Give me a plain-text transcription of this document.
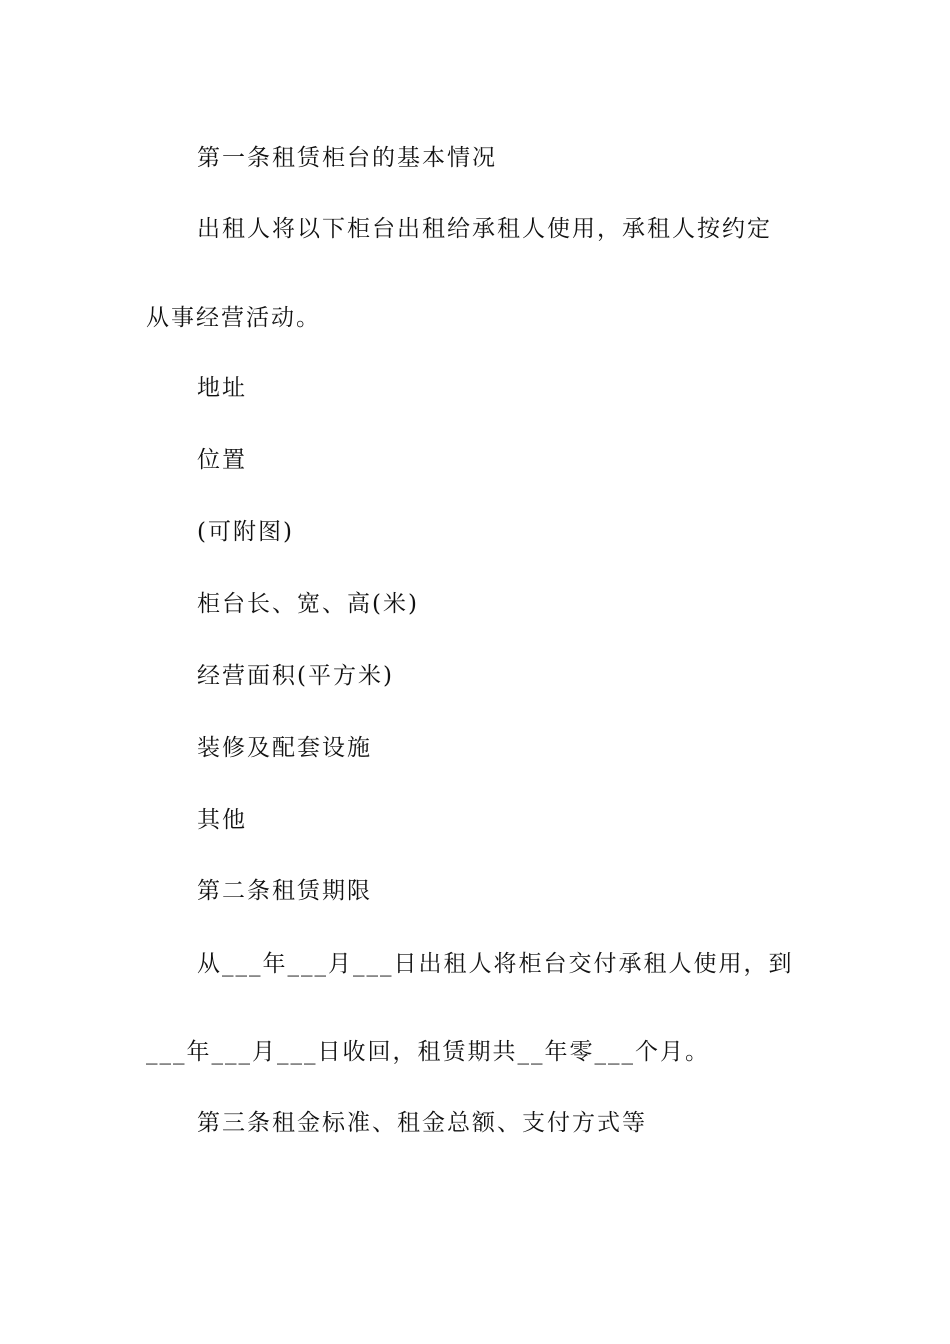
第一条租赁柜台的基本情况
出租人将以下柜台出租给承租人使用，承租人按约定
从事经营活动。
地址
位置
(可附图)
柜台长、宽、高(米)
经营面积(平方米)
装修及配套设施
其他
第二条租赁期限
从___年___月___日出租人将柜台交付承租人使用，到
___年___月___日收回，租赁期共__年零___个月。
第三条租金标准、租金总额、支付方式等
